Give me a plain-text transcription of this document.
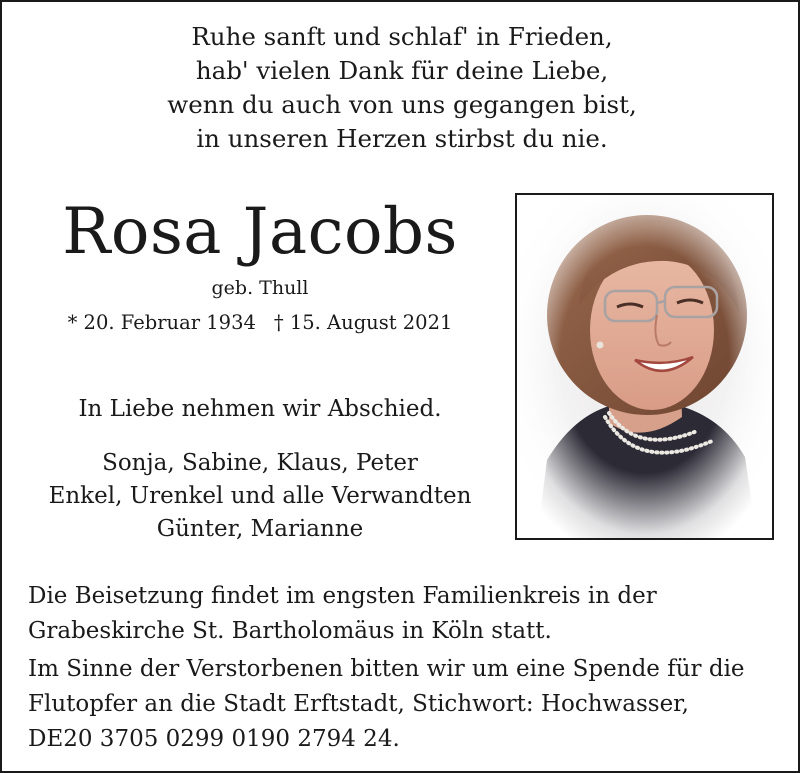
Ruhe sanft und schlaf' in Frieden,
hab' vielen Dank für deine Liebe,
wenn du auch von uns gegangen bist,
in unseren Herzen stirbst du nie.
Rosa Jacobs
geb. Thull
* 20. Februar 1934 † 15. August 2021
In Liebe nehmen wir Abschied.
Sonja, Sabine, Klaus, Peter
Enkel, Urenkel und alle Verwandten
Günter, Marianne
Die Beisetzung findet im engsten Familienkreis in der
Grabeskirche St. Bartholomäus in Köln statt.
Im Sinne der Verstorbenen bitten wir um eine Spende für die
Flutopfer an die Stadt Erftstadt, Stichwort: Hochwasser,
DE20 3705 0299 0190 2794 24.
